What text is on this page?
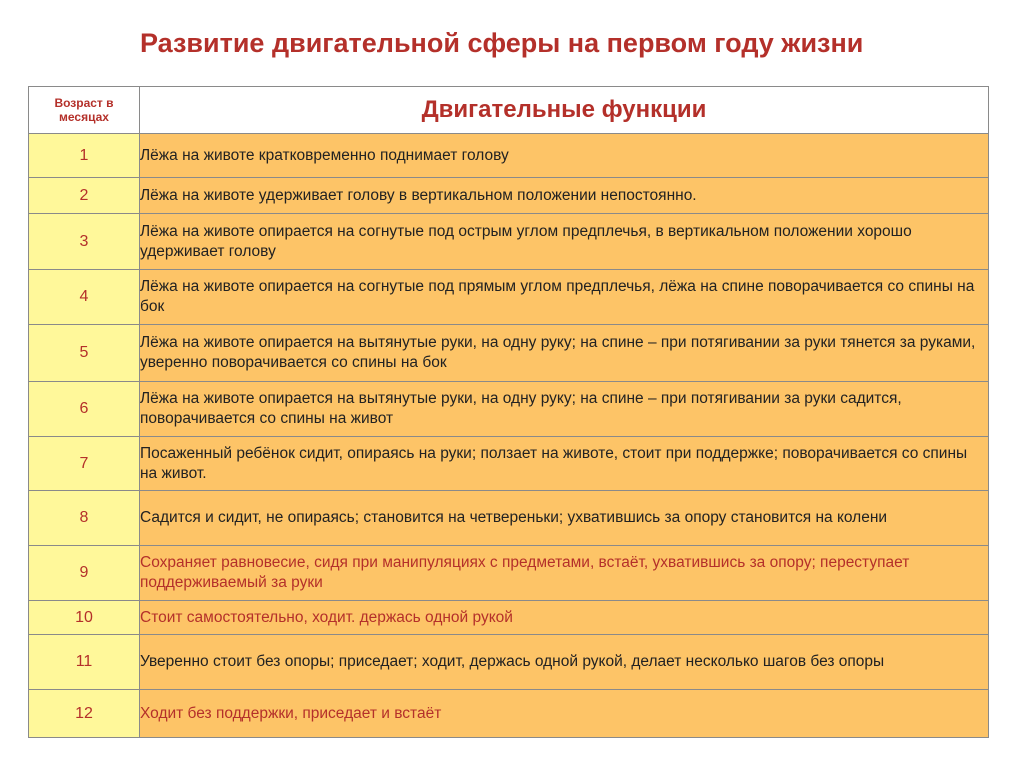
Развитие двигательной сферы на первом году жизни
Возраст в месяцах	Двигательные функции
1	Лёжа на животе кратковременно поднимает голову
2	Лёжа на животе удерживает голову в вертикальном положении непостоянно.
3	Лёжа на животе опирается на согнутые под острым углом предплечья, в вертикальном положении хорошо удерживает голову
4	Лёжа на животе опирается на согнутые под прямым углом предплечья, лёжа на спине поворачивается со спины на бок
5	Лёжа на животе опирается на вытянутые руки, на одну руку; на спине – при потягивании за руки тянется за руками, уверенно поворачивается со спины на бок
6	Лёжа на животе опирается на вытянутые руки, на одну руку; на спине – при потягивании за руки садится, поворачивается со спины на живот
7	Посаженный ребёнок сидит, опираясь на руки; ползает на животе, стоит при поддержке; поворачивается со спины на живот.
8	Садится и сидит, не опираясь; становится на четвереньки; ухватившись за опору становится на колени
9	Сохраняет равновесие, сидя при манипуляциях с предметами, встаёт, ухватившись за опору; переступает поддерживаемый за руки
10	Стоит самостоятельно, ходит. держась одной рукой
11	Уверенно стоит без опоры; приседает; ходит, держась одной рукой, делает несколько шагов без опоры
12	Ходит без поддержки, приседает и встаёт
